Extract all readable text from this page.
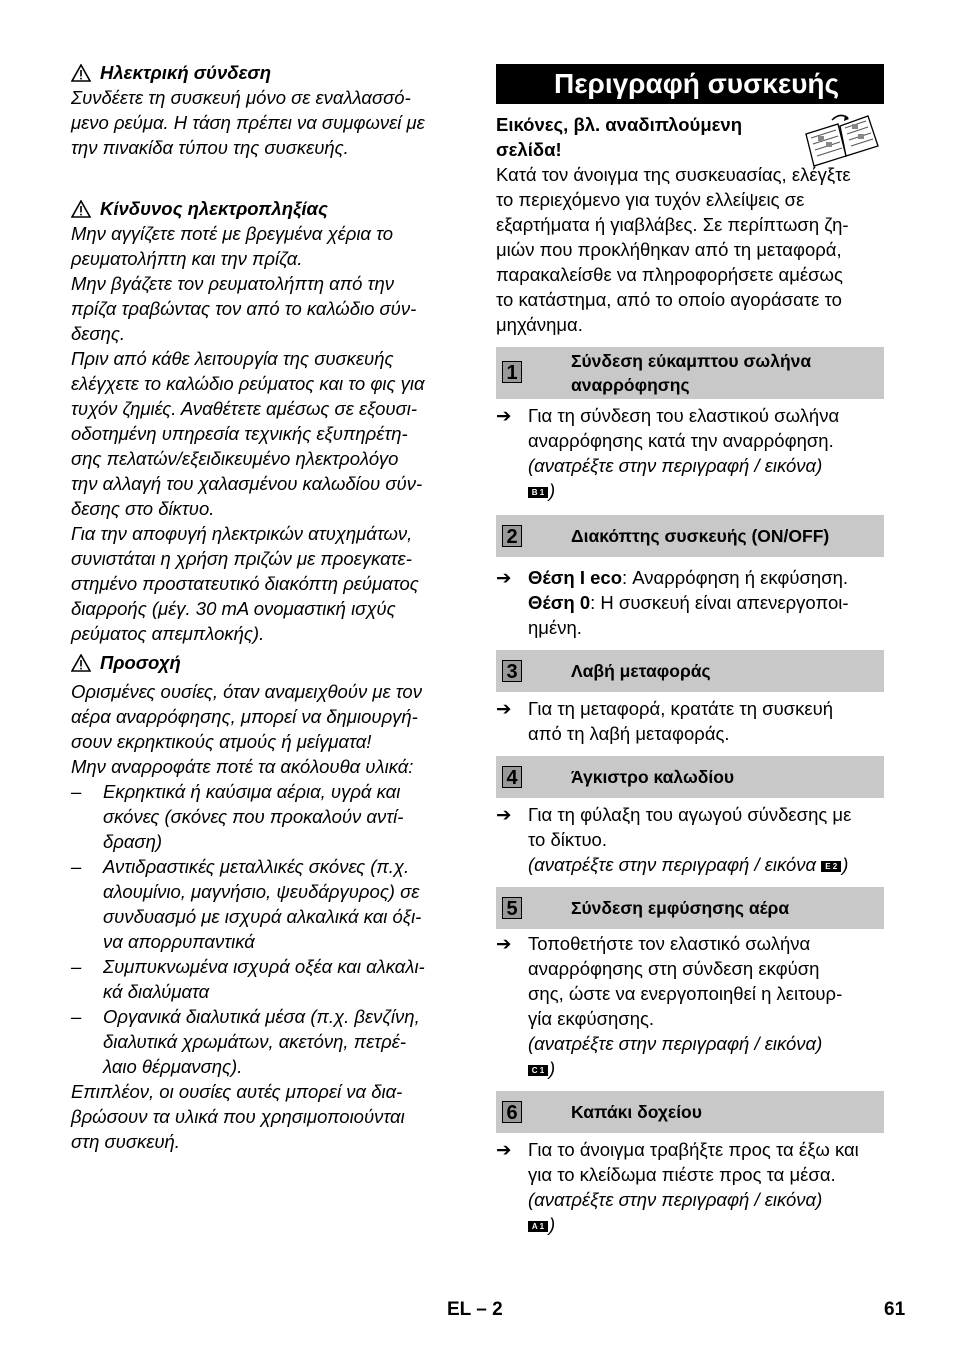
Ηλεκτρική σύνδεση
Συνδέετε τη συσκευή μόνο σε εναλλασσό-
μενο ρεύμα. Η τάση πρέπει να συμφωνεί με
την πινακίδα τύπου της συσκευής.
Κίνδυνος ηλεκτροπληξίας
Μην αγγίζετε ποτέ με βρεγμένα χέρια το
ρευματολήπτη και την πρίζα.
Μην βγάζετε τον ρευματολήπτη από την
πρίζα τραβώντας τον από το καλώδιο σύν-
δεσης.
Πριν από κάθε λειτουργία της συσκευής
ελέγχετε το καλώδιο ρεύματος και το φις για
τυχόν ζημιές. Αναθέτετε αμέσως σε εξουσι-
οδοτημένη υπηρεσία τεχνικής εξυπηρέτη-
σης πελατών/εξειδικευμένο ηλεκτρολόγο
την αλλαγή του χαλασμένου καλωδίου σύν-
δεσης στο δίκτυο.
Για την αποφυγή ηλεκτρικών ατυχημάτων,
συνιστάται η χρήση πριζών με προεγκατε-
στημένο προστατευτικό διακόπτη ρεύματος
διαρροής (μέγ. 30 mA ονομαστική ισχύς
ρεύματος απεμπλοκής).
Προσοχή
Ορισμένες ουσίες, όταν αναμειχθούν με τον
αέρα αναρρόφησης, μπορεί να δημιουργή-
σουν εκρηκτικούς ατμούς ή μείγματα!
Μην αναρροφάτε ποτέ τα ακόλουθα υλικά:
– Εκρηκτικά ή καύσιμα αέρια, υγρά και
σκόνες (σκόνες που προκαλούν αντί-
δραση)
– Αντιδραστικές μεταλλικές σκόνες (π.χ.
αλουμίνιο, μαγνήσιο, ψευδάργυρος) σε
συνδυασμό με ισχυρά αλκαλικά και όξι-
να απορρυπαντικά
– Συμπυκνωμένα ισχυρά οξέα και αλκαλι-
κά διαλύματα
– Οργανικά διαλυτικά μέσα (π.χ. βενζίνη,
διαλυτικά χρωμάτων, ακετόνη, πετρέ-
λαιο θέρμανσης).
Επιπλέον, οι ουσίες αυτές μπορεί να δια-
βρώσουν τα υλικά που χρησιμοποιούνται
στη συσκευή.
Περιγραφή συσκευής
Εικόνες, βλ. αναδιπλούμενη
σελίδα!
Κατά τον άνοιγμα της συσκευασίας, ελέγξτε
το περιεχόμενο για τυχόν ελλείψεις σε
εξαρτήματα ή γιαβλάβες. Σε περίπτωση ζη-
μιών που προκλήθηκαν από τη μεταφορά,
παρακαλείσθε να πληροφορήσετε αμέσως
το κατάστημα, από το οποίο αγοράσατε το
μηχάνημα.
1
Σύνδεση εύκαμπτου σωλήνα
αναρρόφησης
➔ Για τη σύνδεση του ελαστικού σωλήνα
αναρρόφησης κατά την αναρρόφηση.
(ανατρέξτε στην περιγραφή / εικόνα)
B 1 )
2	Διακόπτης συσκευής (ON/OFF)
➔ Θέση I eco: Αναρρόφηση ή εκφύσηση.
Θέση 0: Η συσκευή είναι απενεργοποι-
ημένη.
3	Λαβή μεταφοράς
➔ Για τη μεταφορά, κρατάτε τη συσκευή
από τη λαβή μεταφοράς.
4	Άγκιστρο καλωδίου
➔ Για τη φύλαξη του αγωγού σύνδεσης με
το δίκτυο.
(ανατρέξτε στην περιγραφή / εικόνα E 2 )
5	Σύνδεση εμφύσησης αέρα
➔ Τοποθετήστε τον ελαστικό σωλήνα
αναρρόφησης στη σύνδεση εκφύση
σης, ώστε να ενεργοποιηθεί η λειτουρ-
γία εκφύσησης.
(ανατρέξτε στην περιγραφή / εικόνα)
C 1 )
6	Καπάκι δοχείου
➔ Για το άνοιγμα τραβήξτε προς τα έξω και
για το κλείδωμα πιέστε προς τα μέσα.
(ανατρέξτε στην περιγραφή / εικόνα)
A 1 )
EL – 2	61
